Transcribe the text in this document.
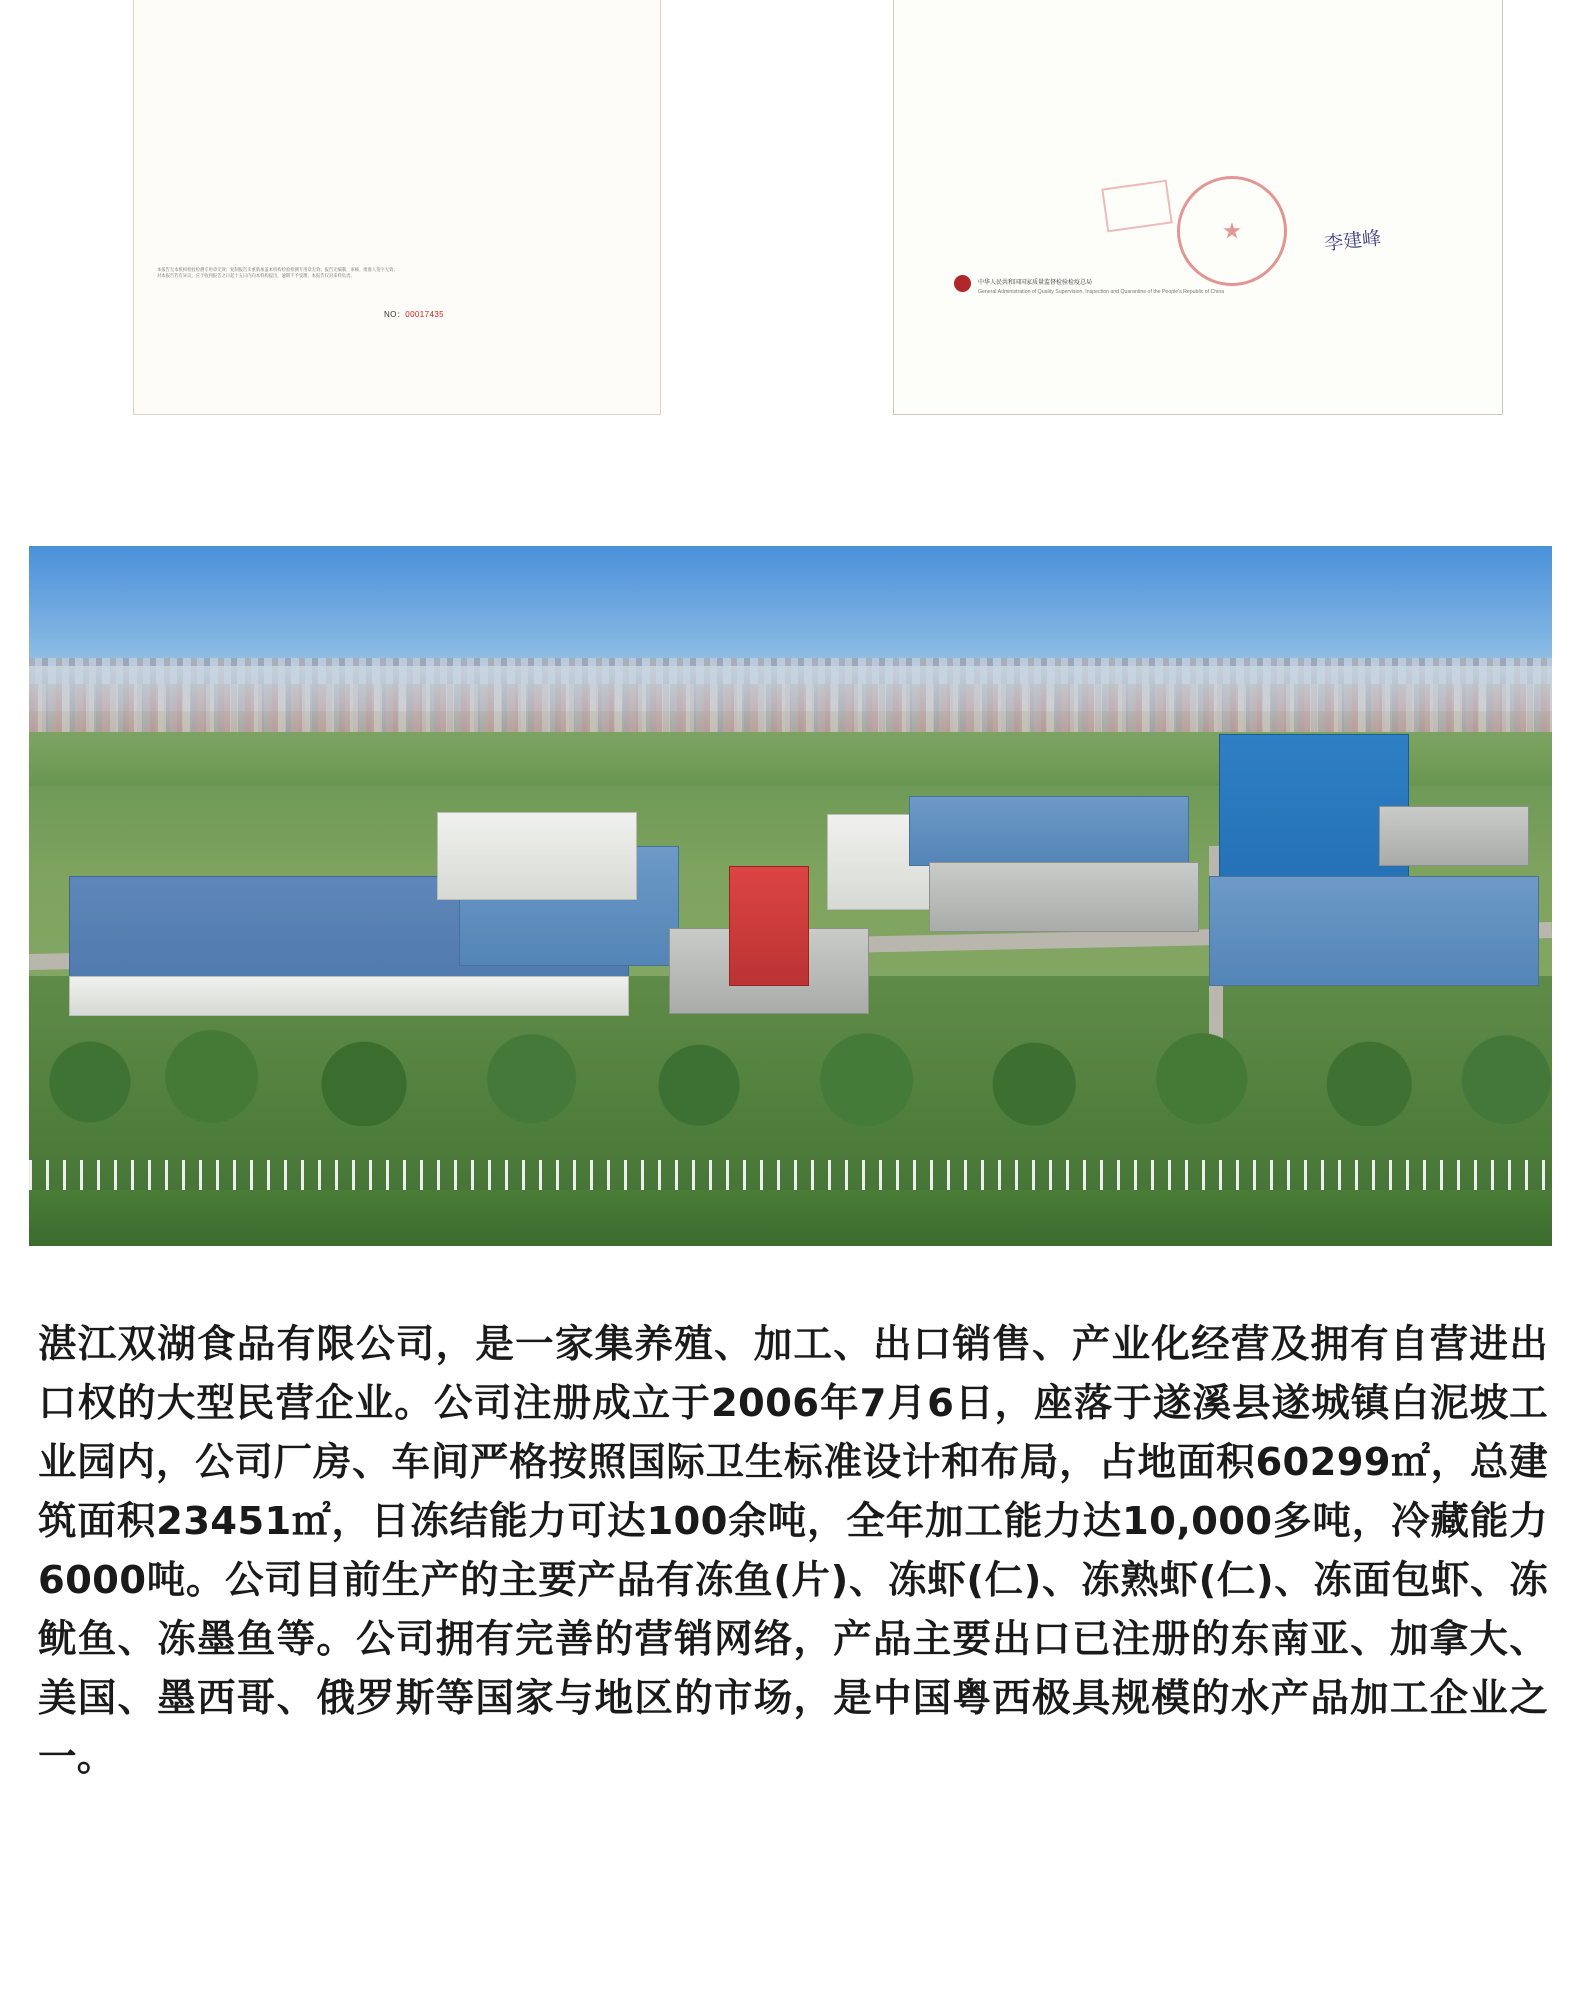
本报告无本机构检验检测专用章无效；复制报告未重新加盖本机构检验检测专用章无效；报告无编制、审核、批准人签字无效；
对本报告若有异议，应于收到报告之日起十五日内向本机构提出，逾期不予受理；本报告仅对来样负责。
NO：00017435
李建峰
中华人民共和国国家质量监督检验检疫总局
General Administration of Quality Supervision, Inspection and Quarantine of the People's Republic of China
湛江双湖食品有限公司，是一家集养殖、加工、出口销售、产业化经营及拥有自营进出口权的大型民营企业。公司注册成立于2006年7月6日，座落于遂溪县遂城镇白泥坡工业园内，公司厂房、车间严格按照国际卫生标准设计和布局，占地面积60299㎡，总建筑面积23451㎡，日冻结能力可达100余吨，全年加工能力达10,000多吨，冷藏能力6000吨。公司目前生产的主要产品有冻鱼(片)、冻虾(仁)、冻熟虾(仁)、冻面包虾、冻鱿鱼、冻墨鱼等。公司拥有完善的营销网络，产品主要出口已注册的东南亚、加拿大、美国、墨西哥、俄罗斯等国家与地区的市场，是中国粤西极具规模的水产品加工企业之一。
